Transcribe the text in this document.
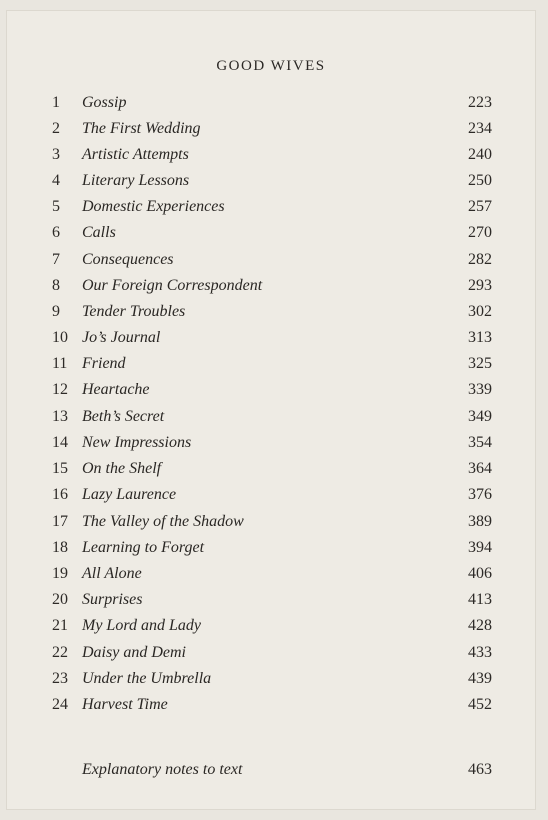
GOOD WIVES
1	Gossip	223
2	The First Wedding	234
3	Artistic Attempts	240
4	Literary Lessons	250
5	Domestic Experiences	257
6	Calls	270
7	Consequences	282
8	Our Foreign Correspondent	293
9	Tender Troubles	302
10 Jo’s Journal	313
11 Friend	325
12 Heartache	339
13 Beth’s Secret	349
14 New Impressions	354
15 On the Shelf	364
16 Lazy Laurence	376
17 The Valley of the Shadow	389
18 Learning to Forget	394
19 All Alone	406
20 Surprises	413
21 My Lord and Lady	428
22 Daisy and Demi	433
23 Under the Umbrella	439
24 Harvest Time	452
Explanatory notes to text	463
